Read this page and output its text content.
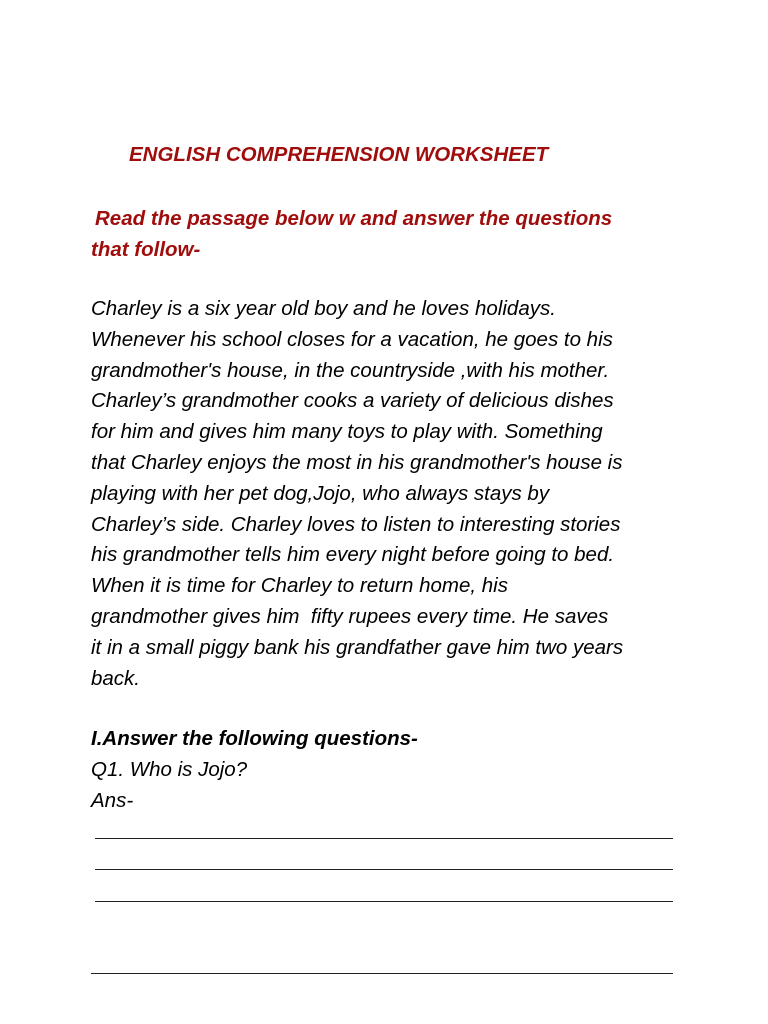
ENGLISH COMPREHENSION WORKSHEET
Read the passage below w and answer the questions
that follow-
Charley is a six year old boy and he loves holidays.
Whenever his school closes for a vacation, he goes to his
grandmother's house, in the countryside ,with his mother.
Charley’s grandmother cooks a variety of delicious dishes
for him and gives him many toys to play with. Something
that Charley enjoys the most in his grandmother's house is
playing with her pet dog,Jojo, who always stays by
Charley’s side. Charley loves to listen to interesting stories
his grandmother tells him every night before going to bed.
When it is time for Charley to return home, his
grandmother gives him  fifty rupees every time. He saves
it in a small piggy bank his grandfather gave him two years
back.
I.Answer the following questions-
Q1. Who is Jojo?
Ans-
